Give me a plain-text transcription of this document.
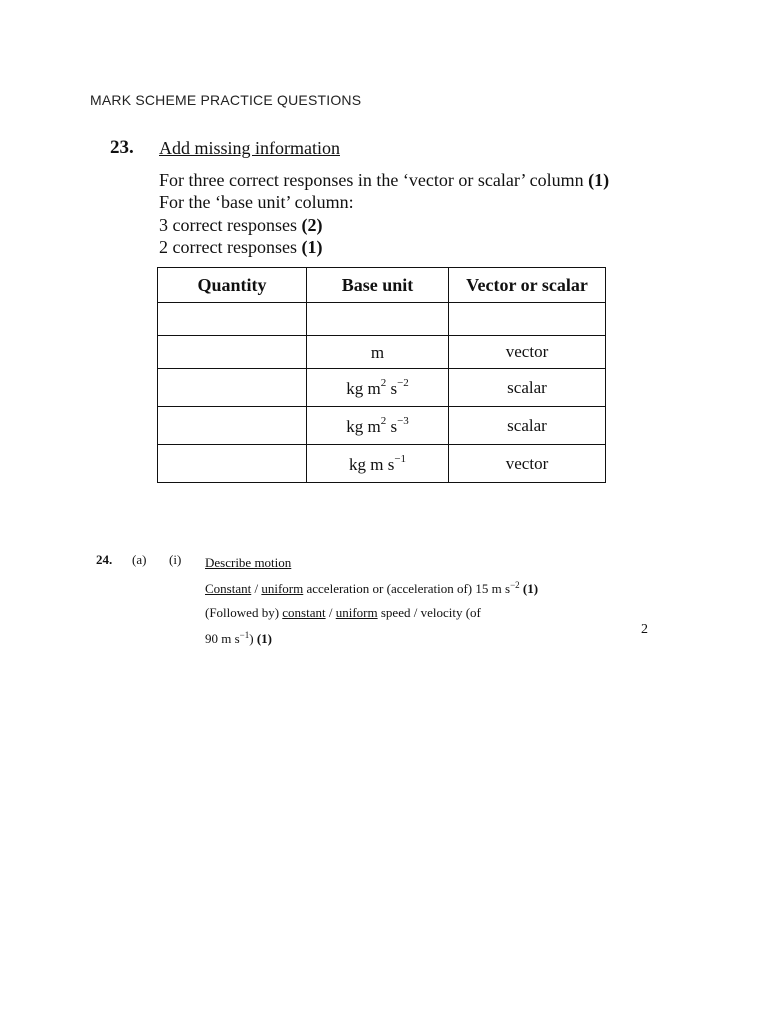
MARK SCHEME PRACTICE QUESTIONS
23. Add missing information
For three correct responses in the ‘vector or scalar’ column (1)
For the ‘base unit’ column:
3 correct responses (2)
2 correct responses (1)
Quantity	Base unit	Vector or scalar

	m	vector
	kg $m^2$ $s^{-2}$	scalar
	kg $m^2$ $s^{-3}$	scalar
	kg m $s^{-1}$	vector
24. (a) (i) Describe motion
Constant / uniform acceleration or (acceleration of) 15 m $s^{-2}$ (1)
(Followed by) constant / uniform speed / velocity (of
90 m $s^{-1}$) (1)
2
